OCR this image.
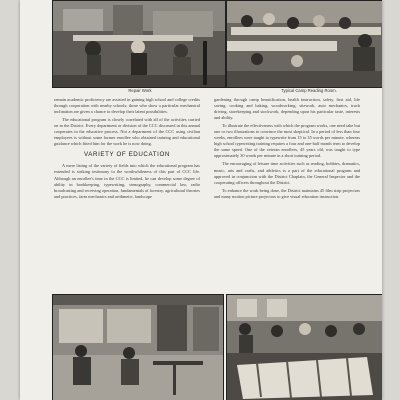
Repair Work	Typical Camp Reading Room.

remain academic proficiency are assisted in gaining high school and college credits through cooperation with nearby schools; those who show a particular mechanical inclination are given a chance to develop their latent possibilities.

The educational program is closely correlated with all of the activities carried on in the District. Every department or division of the CCC discussed in this annual cooperates in the educative process. Not a department of the CCC using civilian employees is without some former enrollee who obtained training and educational guidance which fitted him for the work he is now doing.

VARIETY OF EDUCATION

A mere listing of the variety of fields into which the educational program has extended is striking testimony to the worthwhileness of this part of CCC life. Although an enrollee's time in the CCC is limited, he can develop some degree of ability in bookkeeping, typewriting, stenography, commercial law, radio broadcasting and receiving operation, fundamentals of forestry, agricultural theories and practices, farm mechanics and arithmetic, landscape

gardening through camp beautification, health instruction, safety, first aid, life saving, cooking and baking, woodworking, sitework, auto mechanics, truck driving, storekeeping and stockwork, depending upon his particular taste, interests and ability.

To illustrate the effectiveness with which the program works, one need take but one or two illustrations to convince the most skeptical. In a period of less than four weeks, enrollees were taught to typewrite from 15 to 35 words per minute, whereas high school typewriting training requires a four and one-half month term to develop the same speed. One of the veteran enrollees, 45 years old, was taught to type approximately 30 words per minute in a short training period.

The encouraging of leisure time activities such as reading, hobbies, dramatics, music, arts and crafts, and athletics is a part of the educational program and approved in conjunction with the District Chaplain, the General Inspector and the cooperating officers throughout the District.

To enhance the work being done, the District maintains 45 film strip projectors and many motion picture projectors to give visual education instruction.
